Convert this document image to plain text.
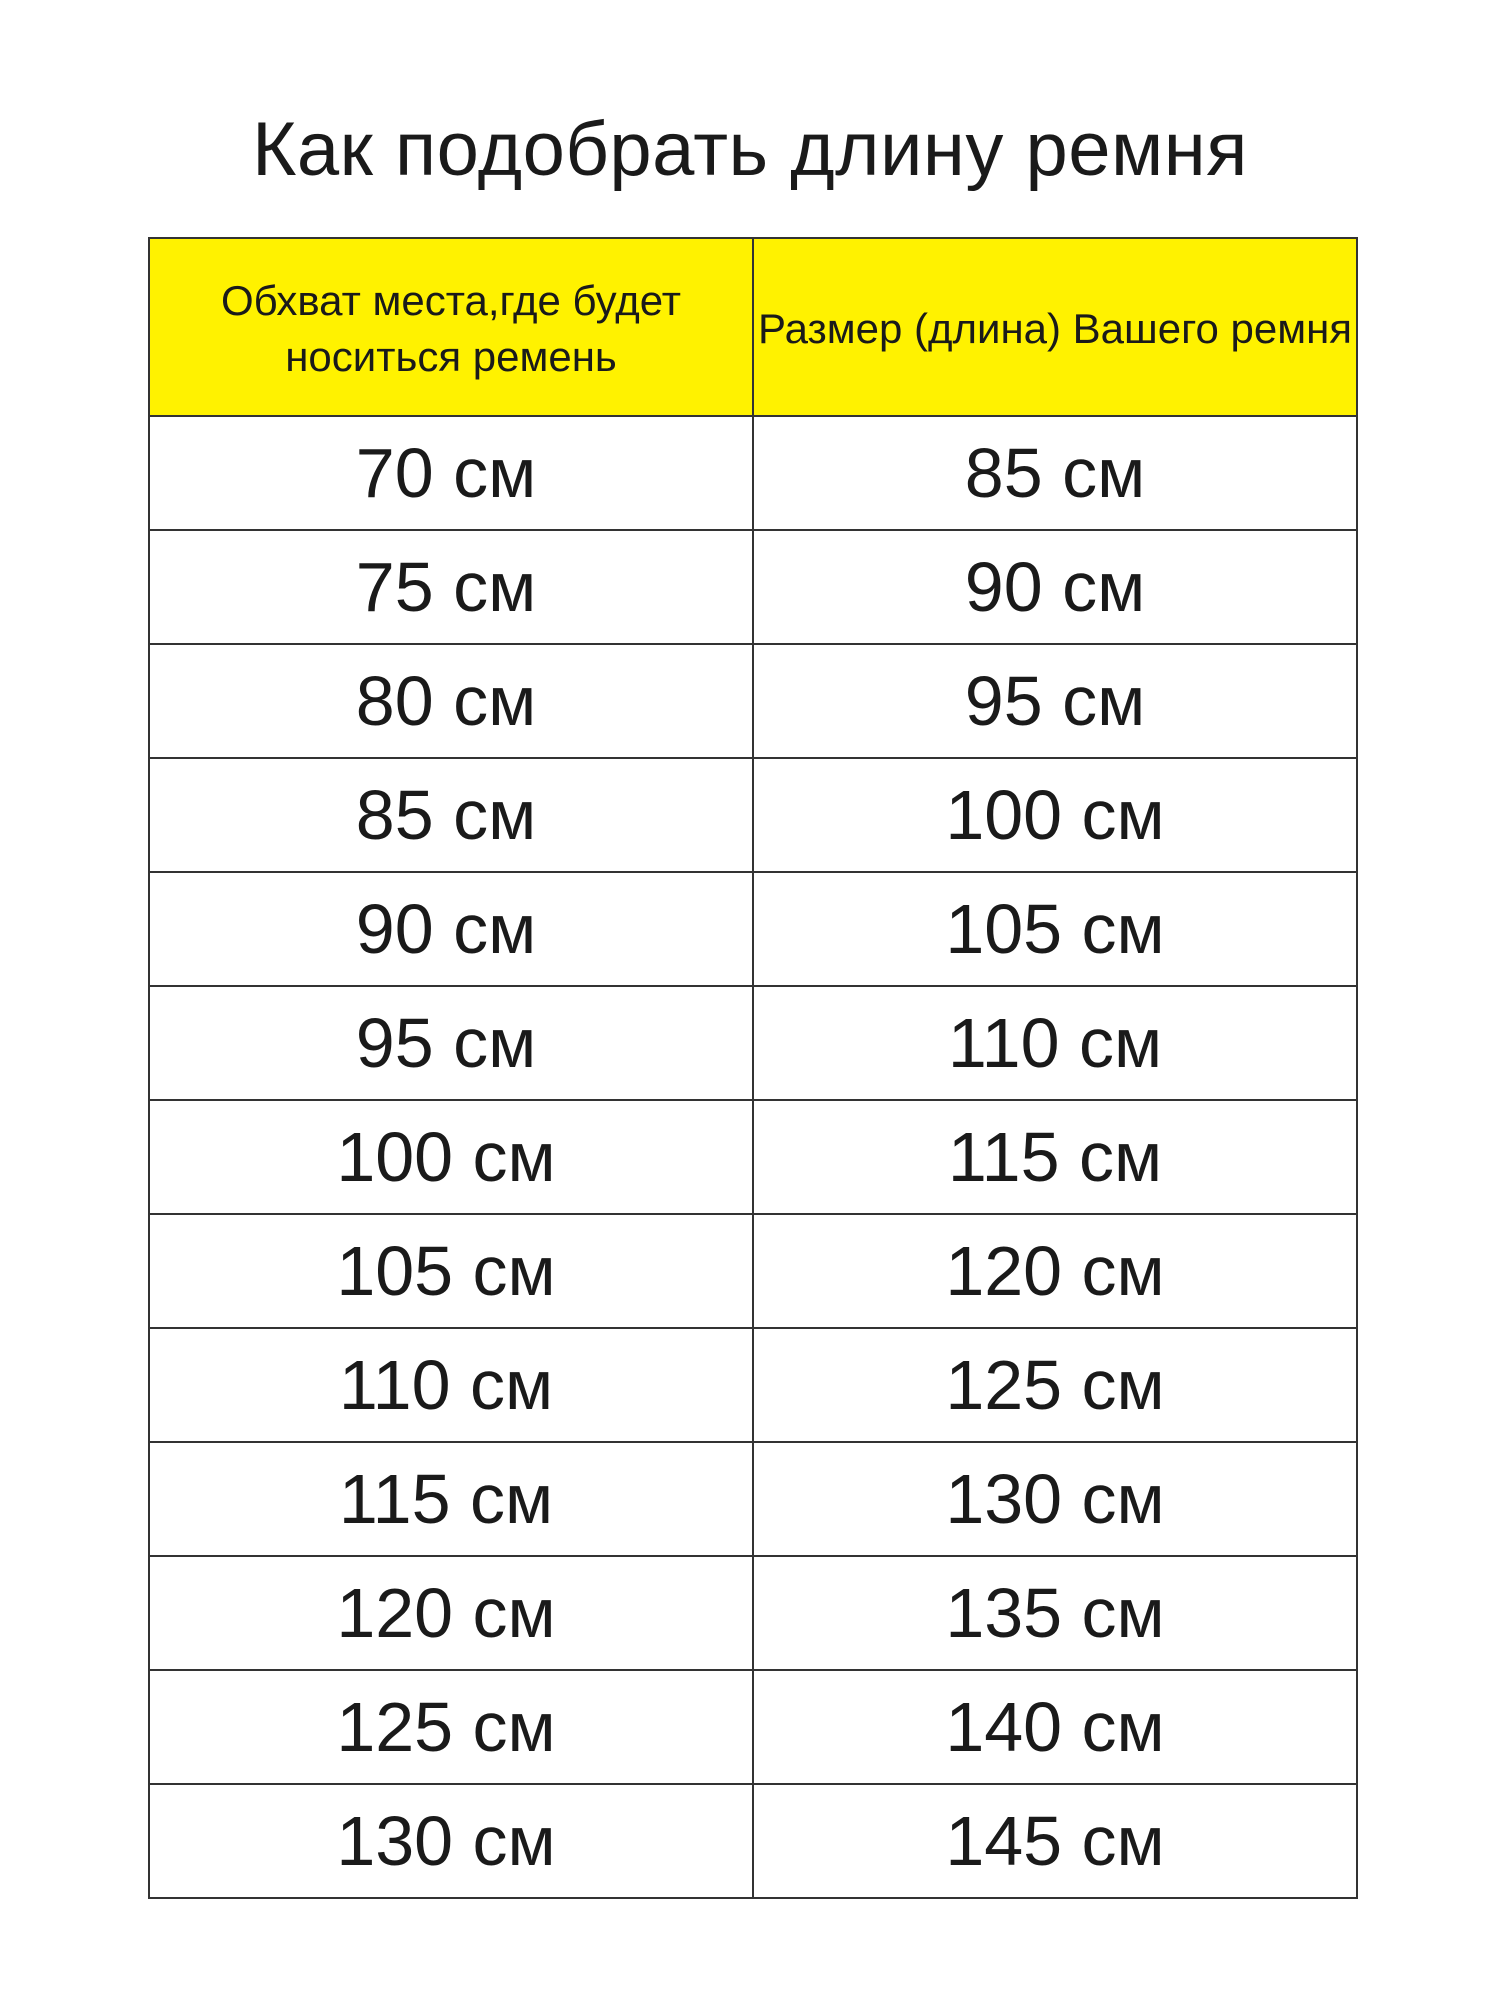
Как подобрать длину ремня
Обхват места,где будет носиться ремень	Размер (длина) Вашего ремня
70 см	85 см
75 см	90 см
80 см	95 см
85 см	100 см
90 см	105 см
95 см	110 см
100 см	115 см
105 см	120 см
110 см	125 см
115 см	130 см
120 см	135 см
125 см	140 см
130 см	145 см
